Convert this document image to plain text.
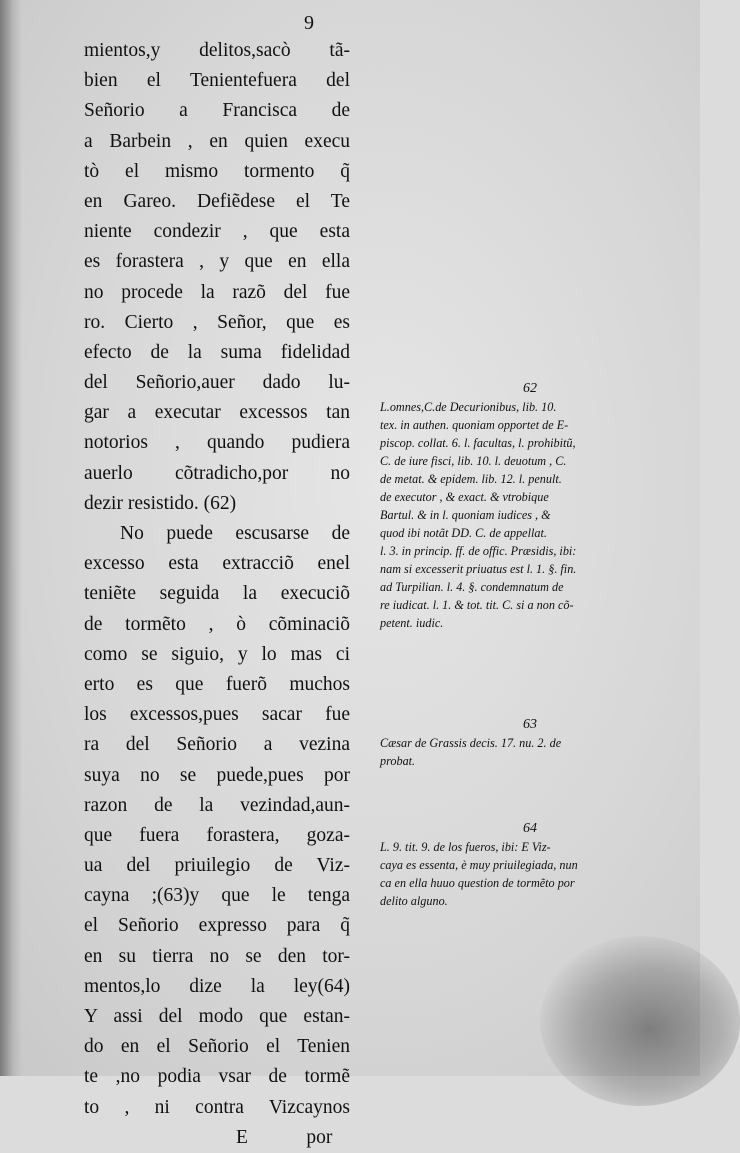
9
mientos,y delitos,sacò tã-
bien el Tenientefuera del
Señorio a Francisca de
a Barbein , en quien execu
tò el mismo tormento q̃
en Gareo. Defiẽdese el Te
niente condezir , que esta
es forastera , y que en ella
no procede la razõ del fue
ro. Cierto , Señor, que es
efecto de la suma fidelidad
del Señorio,auer dado lu-
gar a executar excessos tan
notorios , quando pudiera
auerlo cõtradicho,por no
dezir resistido. (62)
No puede escusarse de
excesso esta extracciõ enel
teniẽte seguida la execuciõ
de tormẽto , ò cõminaciõ
como se siguio, y lo mas ci
erto es que fuerõ muchos
los excessos,pues sacar fue
ra del Señorio a vezina
suya no se puede,pues por
razon de la vezindad,aun-
que fuera forastera, goza-
ua del priuilegio de Viz-
cayna ;(63)y que le tenga
el Señorio expresso para q̃
en su tierra no se den tor-
mentos,lo dize la ley(64)
Y assi del modo que estan-
do en el Señorio el Tenien
te ,no podia vsar de tormẽ
to , ni contra Vizcaynos
E   	por
62
L.omnes,C.de Decurionibus, lib. 10.
tex. in authen. quoniam opportet de E-
piscop. collat. 6. l. facultas, l. prohibitũ,
C. de iure fisci, lib. 10. l. deuotum , C.
de metat. & epidem. lib. 12. l. penult.
de executor , & exact. & vtrobique
Bartul. & in l. quoniam iudices , &
quod ibi notãt DD. C. de appellat.
l. 3. in princip. ff. de offic. Præsidis, ibi:
nam si excesserit priuatus est l. 1. §. fin.
ad Turpilian. l. 4. §. condemnatum de
re iudicat. l. 1. & tot. tit. C. si a non cõ-
petent. iudic.
63
Cæsar de Grassis decis. 17. nu. 2. de
probat.
64
L. 9. tit. 9. de los fueros, ibi: E Viz-
caya es essenta, è muy priuilegiada, nun
ca en ella huuo question de tormẽto por
delito alguno.
